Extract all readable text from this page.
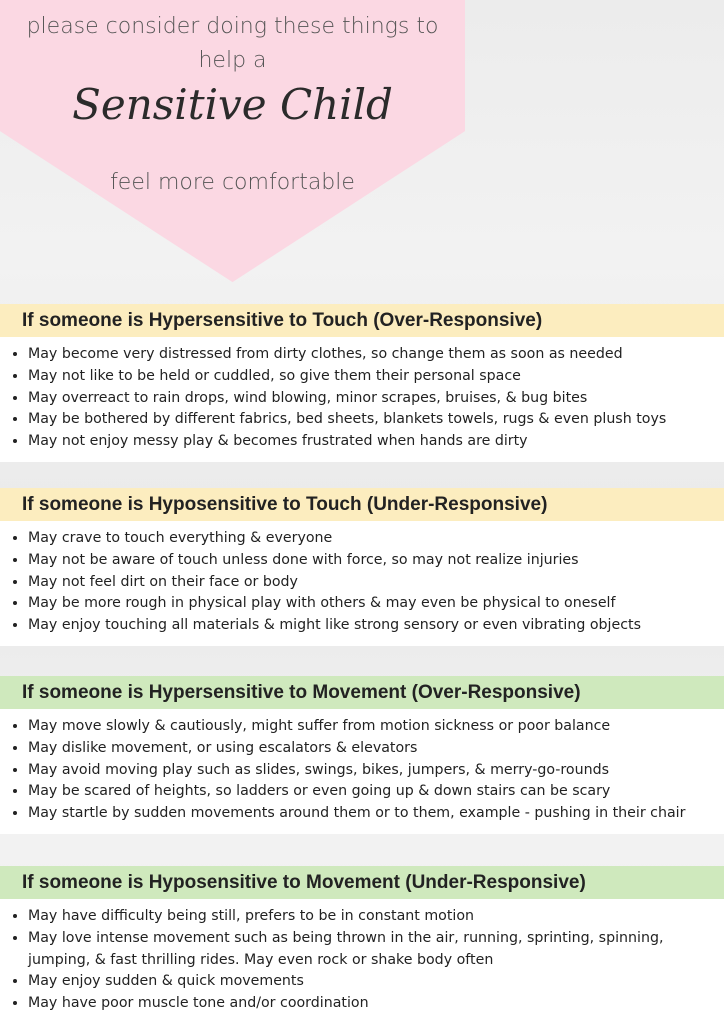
please consider doing these things to

help a

Sensitive Child

feel more comfortable

If someone is Hypersensitive to Touch (Over-Responsive)
• May become very distressed from dirty clothes, so change them as soon as needed
• May not like to be held or cuddled, so give them their personal space
• May overreact to rain drops, wind blowing, minor scrapes, bruises, & bug bites
• May be bothered by different fabrics, bed sheets, blankets towels, rugs & even plush toys
• May not enjoy messy play & becomes frustrated when hands are dirty
If someone is Hyposensitive to Touch (Under-Responsive)
• May crave to touch everything & everyone
• May not be aware of touch unless done with force, so may not realize injuries
• May not feel dirt on their face or body
• May be more rough in physical play with others & may even be physical to oneself
• May enjoy touching all materials & might like strong sensory or even vibrating objects
If someone is Hypersensitive to Movement (Over-Responsive)
• May move slowly & cautiously, might suffer from motion sickness or poor balance
• May dislike movement, or using escalators & elevators
• May avoid moving play such as slides, swings, bikes, jumpers, & merry-go-rounds
• May be scared of heights, so ladders or even going up & down stairs can be scary
• May startle by sudden movements around them or to them, example - pushing in their chair
If someone is Hyposensitive to Movement (Under-Responsive)
• May have difficulty being still, prefers to be in constant motion
• May love intense movement such as being thrown in the air, running, sprinting, spinning, jumping, & fast thrilling rides. May even rock or shake body often
• May enjoy sudden & quick movements
• May have poor muscle tone and/or coordination
